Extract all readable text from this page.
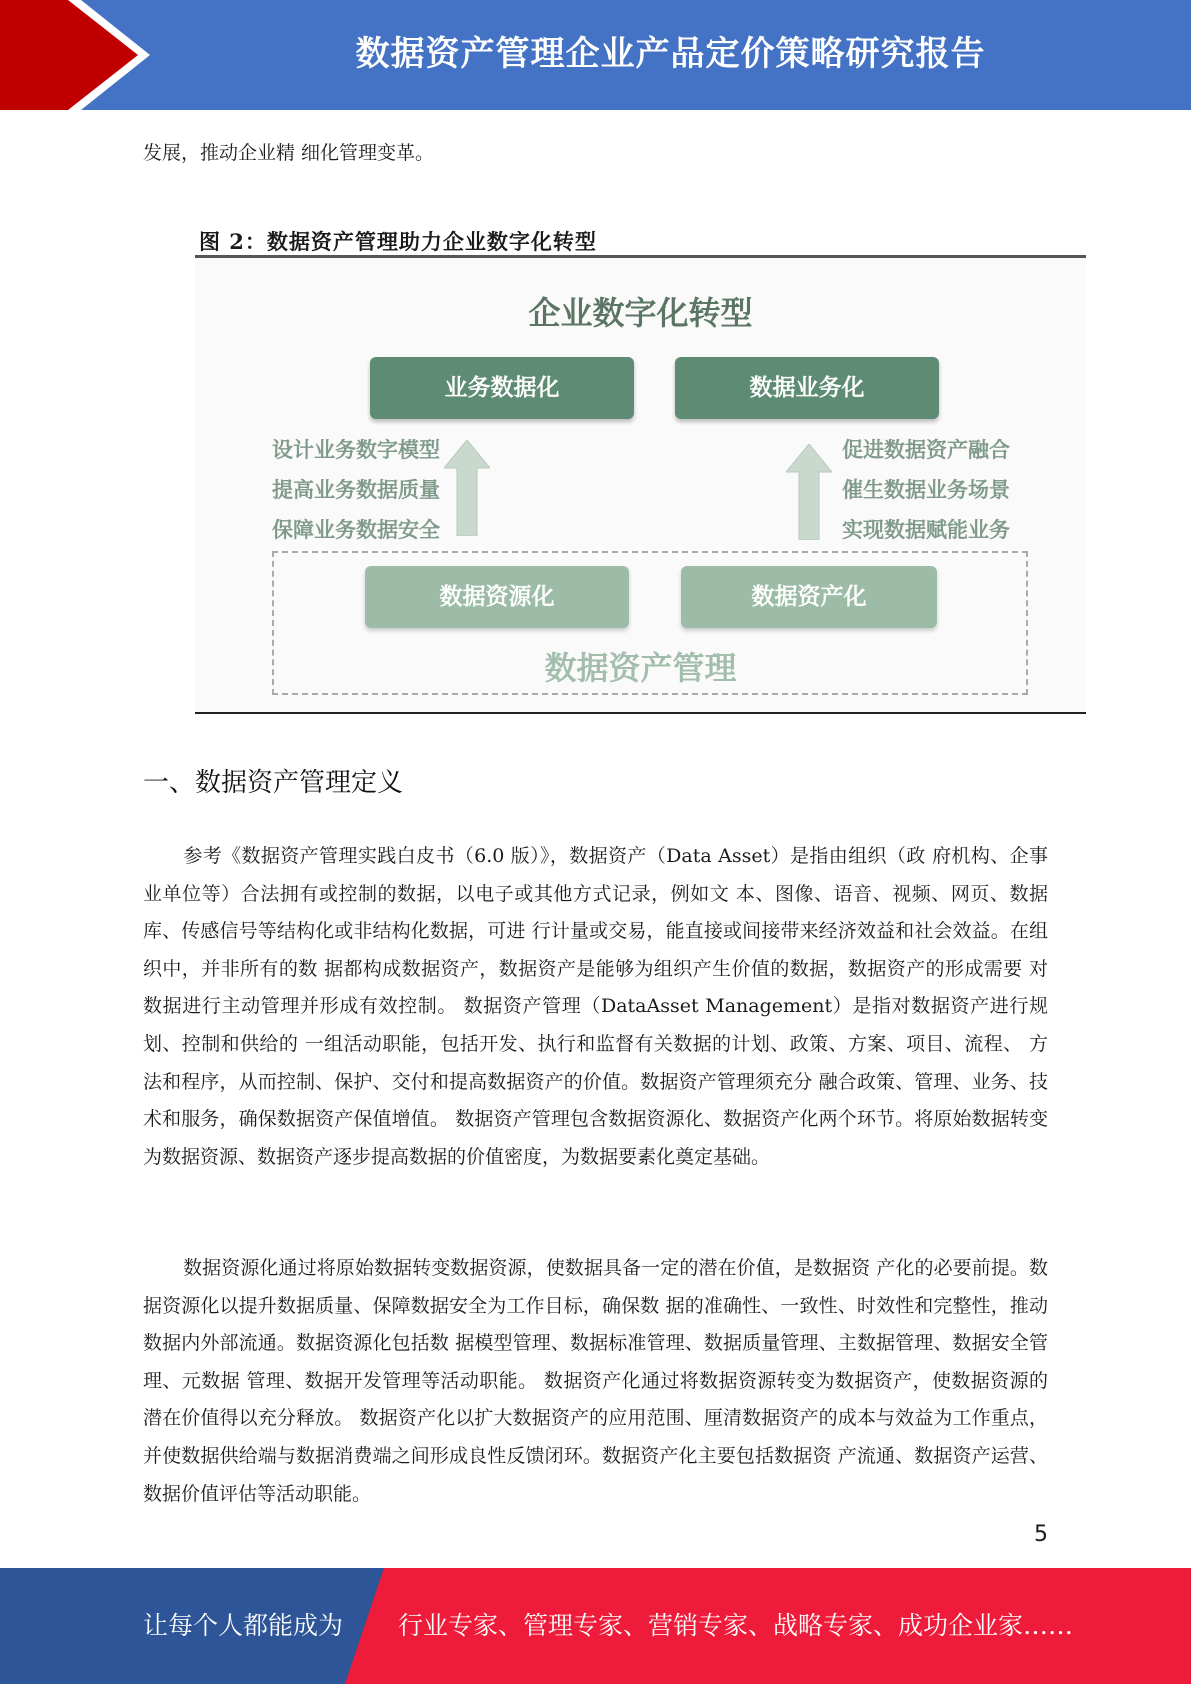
数据资产管理企业产品定价策略研究报告
发展，推动企业精 细化管理变革。
图 2：数据资产管理助力企业数字化转型
企业数字化转型
业务数据化	数据业务化
设计业务数字模型
提高业务数据质量
保障业务数据安全
促进数据资产融合
催生数据业务场景
实现数据赋能业务
数据资源化	数据资产化
数据资产管理
一、数据资产管理定义

参考《数据资产管理实践白皮书（6.0 版）》，数据资产（Data Asset）是指由组织（政 府机构、企事业单位等）合法拥有或控制的数据，以电子或其他方式记录，例如文 本、图像、语音、视频、网页、数据库、传感信号等结构化或非结构化数据，可进 行计量或交易，能直接或间接带来经济效益和社会效益。在组织中，并非所有的数 据都构成数据资产，数据资产是能够为组织产生价值的数据，数据资产的形成需要 对数据进行主动管理并形成有效控制。 数据资产管理（DataAsset Management）是指对数据资产进行规划、控制和供给的 一组活动职能，包括开发、执行和监督有关数据的计划、政策、方案、项目、流程、 方法和程序，从而控制、保护、交付和提高数据资产的价值。数据资产管理须充分 融合政策、管理、业务、技术和服务，确保数据资产保值增值。 数据资产管理包含数据资源化、数据资产化两个环节。将原始数据转变为数据资源、数据资产逐步提高数据的价值密度，为数据要素化奠定基础。

数据资源化通过将原始数据转变数据资源，使数据具备一定的潜在价值，是数据资 产化的必要前提。数据资源化以提升数据质量、保障数据安全为工作目标，确保数 据的准确性、一致性、时效性和完整性，推动数据内外部流通。数据资源化包括数 据模型管理、数据标准管理、数据质量管理、主数据管理、数据安全管理、元数据 管理、数据开发管理等活动职能。 数据资产化通过将数据资源转变为数据资产，使数据资源的潜在价值得以充分释放。 数据资产化以扩大数据资产的应用范围、厘清数据资产的成本与效益为工作重点， 并使数据供给端与数据消费端之间形成良性反馈闭环。数据资产化主要包括数据资 产流通、数据资产运营、数据价值评估等活动职能。

5
让每个人都能成为 行业专家、管理专家、营销专家、战略专家、成功企业家……
